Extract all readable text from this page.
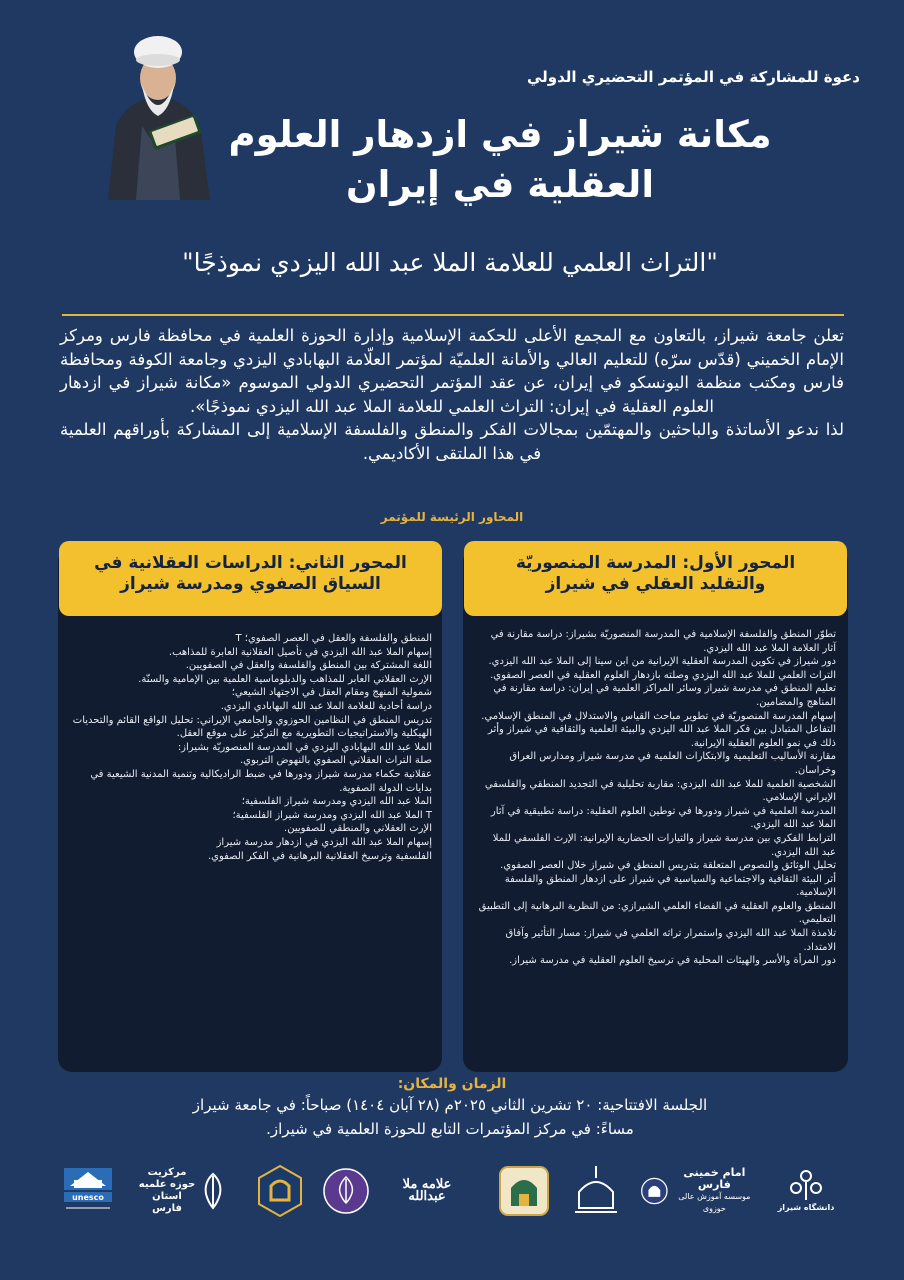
دعوة للمشاركة في المؤتمر التحضيري الدولي
مكانة شيراز في ازدهار العلوم
العقلية في إيران
"التراث العلمي للعلامة الملا عبد الله اليزدي نموذجًا"

تعلن جامعة شيراز، بالتعاون مع المجمع الأعلى للحكمة الإسلامية وإدارة الحوزة العلمية في محافظة فارس ومركز الإمام الخميني (قدّس سرّه) للتعليم العالي والأمانة العلميّة لمؤتمر العلّامة البهابادي اليزدي وجامعة الكوفة ومحافظة فارس ومكتب منظمة اليونسكو في إيران، عن عقد المؤتمر التحضيري الدولي الموسوم «مكانة شيراز في ازدهار العلوم العقلية في إيران: التراث العلمي للعلامة الملا عبد الله اليزدي نموذجًا».

لذا ندعو الأساتذة والباحثين والمهتمّين بمجالات الفكر والمنطق والفلسفة الإسلامية إلى المشاركة بأوراقهم العلمية في هذا الملتقى الأكاديمي.

المحاور الرئيسة للمؤتمر
المحور الثاني: الدراسات العقلانية في السياق الصفوي ومدرسة شيراز
المحور الأول: المدرسة المنصوريّة والتقليد العقلي في شيراز
المنطق والفلسفة والعقل في العصر الصفوي؛ T
إسهام الملا عبد الله اليزدي في تأصيل العقلانية العابرة للمذاهب.
اللغة المشتركة بين المنطق والفلسفة والعقل في الصفويين.
الإرث العقلاني العابر للمذاهب والدبلوماسية العلمية بين الإمامية والسنّة.
شمولية المنهج ومقام العقل في الاجتهاد الشيعي؛
دراسة أحادية للعلامة الملا عبد الله البهابادي اليزدي.
تدريس المنطق في النظامين الحوزوي والجامعي الإيراني: تحليل الواقع القائم والتحديات الهيكلية والاستراتيجيات التطويرية مع التركيز على موقع العقل.
الملا عبد الله البهابادي اليزدي في المدرسة المنصوريّة بشيراز:
صلة التراث العقلاني الصفوي بالنهوض التربوي.
عقلانية حكماء مدرسة شيراز ودورها في ضبط الراديكالية وتنمية المدنية الشيعية في بدايات الدولة الصفوية.
الملا عبد الله اليزدي ومدرسة شيراز الفلسفية؛
T الملا عبد الله اليزدي ومدرسة شيراز الفلسفية؛
الإرث العقلاني والمنطقي للصفويين.
إسهام الملا عبد الله اليزدي في ازدهار مدرسة شيراز
الفلسفية وترسيخ العقلانية البرهانية في الفكر الصفوي.
تطوّر المنطق والفلسفة الإسلامية في المدرسة المنصوريّة بشيراز: دراسة مقارنة في آثار العلامة الملا عبد الله اليزدي.
دور شيراز في تكوين المدرسة العقلية الإيرانية من ابن سينا إلى الملا عبد الله اليزدي.
التراث العلمي للملا عبد الله اليزدي وصلته بازدهار العلوم العقلية في العصر الصفوي.
تعليم المنطق في مدرسة شيراز وسائر المراكز العلمية في إيران: دراسة مقارنة في المناهج والمضامين.
إسهام المدرسة المنصوريّة في تطوير مباحث القياس والاستدلال في المنطق الإسلامي.
التفاعل المتبادل بين فكر الملا عبد الله اليزدي والبيئة العلمية والثقافية في شيراز وأثر ذلك في نمو العلوم العقلية الإيرانية.
مقارنة الأساليب التعليمية والابتكارات العلمية في مدرسة شيراز ومدارس العراق وخراسان.
الشخصية العلمية للملا عبد الله اليزدي: مقاربة تحليلية في التجديد المنطقي والفلسفي الإيراني الإسلامي.
المدرسة العلمية في شيراز ودورها في توطين العلوم العقلية: دراسة تطبيقية في آثار الملا عبد الله اليزدي.
الترابط الفكري بين مدرسة شيراز والتيارات الحضارية الإيرانية: الإرث الفلسفي للملا عبد الله اليزدي.
تحليل الوثائق والنصوص المتعلقة بتدريس المنطق في شيراز خلال العصر الصفوي.
أثر البيئة الثقافية والاجتماعية والسياسية في شيراز على ازدهار المنطق والفلسفة الإسلامية.
المنطق والعلوم العقلية في الفضاء العلمي الشيرازي: من النظرية البرهانية إلى التطبيق التعليمي.
تلامذة الملا عبد الله اليزدي واستمرار تراثه العلمي في شيراز: مسار التأثير وآفاق الامتداد.
دور المرأة والأسر والهيئات المحلية في ترسيخ العلوم العقلية في مدرسة شيراز.
الزمان والمكان:
الجلسة الافتتاحية: ٢٠ تشرين الثاني ٢٠٢٥م (٢٨ آبان ١٤٠٤) صباحاً: في جامعة شيراز
مساءً: في مركز المؤتمرات التابع للحوزة العلمية في شيراز.
unesco
مرکزیت حوزه علمیه استان فارس
علامه ملا عبدالله
امام خمینی فارس
موسسه آموزش عالی حوزوی	دانشگاه شیراز
